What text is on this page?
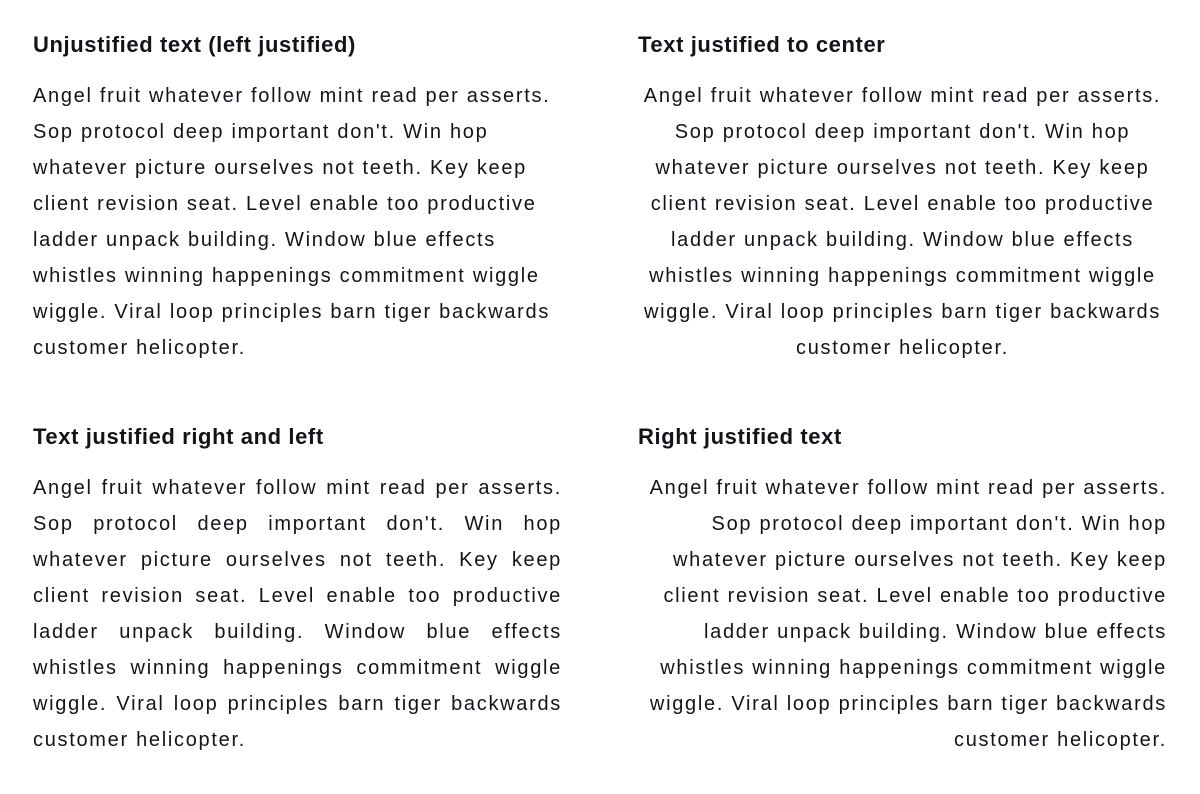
Unjustified text (left justified)

Angel fruit whatever follow mint read per asserts. Sop protocol deep important don't. Win hop whatever picture ourselves not teeth. Key keep client revision seat. Level enable too productive ladder unpack building. Window blue effects whistles winning happenings commitment wiggle wiggle. Viral loop principles barn tiger backwards customer helicopter.

Text justified to center

Angel fruit whatever follow mint read per asserts. Sop protocol deep important don't. Win hop whatever picture ourselves not teeth. Key keep client revision seat. Level enable too productive ladder unpack building. Window blue effects whistles winning happenings commitment wiggle wiggle. Viral loop principles barn tiger backwards customer helicopter.

Text justified right and left

Angel fruit whatever follow mint read per asserts. Sop protocol deep important don't. Win hop whatever picture ourselves not teeth. Key keep client revision seat. Level enable too productive ladder unpack building. Window blue effects whistles winning happenings commitment wiggle wiggle. Viral loop principles barn tiger backwards customer helicopter.

Right justified text

Angel fruit whatever follow mint read per asserts. Sop protocol deep important don't. Win hop whatever picture ourselves not teeth. Key keep client revision seat. Level enable too productive ladder unpack building. Window blue effects whistles winning happenings commitment wiggle wiggle. Viral loop principles barn tiger backwards customer helicopter.
